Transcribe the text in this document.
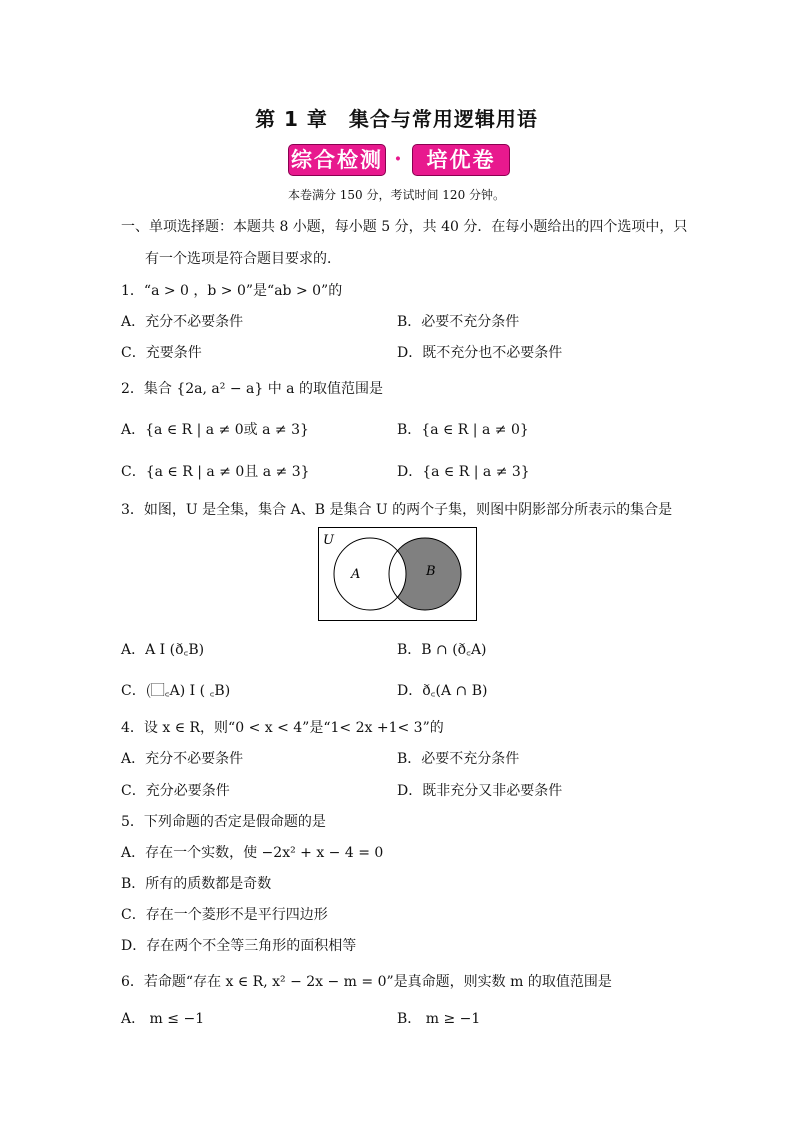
第 1 章　集合与常用逻辑用语
综合检测 ·	培优卷
本卷满分 150 分，考试时间 120 分钟。
一、单项选择题：本题共 8 小题，每小题 5 分，共 40 分．在每小题给出的四个选项中，只
有一个选项是符合题目要求的．
1．“a > 0 ，b > 0”是“ab > 0”的
A．充分不必要条件	B．必要不充分条件
C．充要条件	D．既不充分也不必要条件
2．集合 {2a, a² − a} 中 a 的取值范围是
A．{a ∈ R | a ≠ 0或 a ≠ 3}	B．{a ∈ R | a ≠ 0}
C．{a ∈ R | a ≠ 0且 a ≠ 3}	D．{a ∈ R | a ≠ 3}
3．如图，U 是全集，集合 A、B 是集合 U 的两个子集，则图中阴影部分所表示的集合是
U
A	B
A．A I (ð꜀B)	B．B ∩ (ð꜀A)
C．(⃞꜀A) I ( ꜀B)	D．ð꜀(A ∩ B)
4．设 x ∈ R，则“0 < x < 4”是“1< 2x +1< 3”的
A．充分不必要条件	B．必要不充分条件
C．充分必要条件	D．既非充分又非必要条件
5．下列命题的否定是假命题的是
A．存在一个实数，使 −2x² + x − 4 = 0
B．所有的质数都是奇数
C．存在一个菱形不是平行四边形
D．存在两个不全等三角形的面积相等
6．若命题“存在 x ∈ R, x² − 2x − m = 0”是真命题，则实数 m 的取值范围是
A． m ≤ −1	B． m ≥ −1
